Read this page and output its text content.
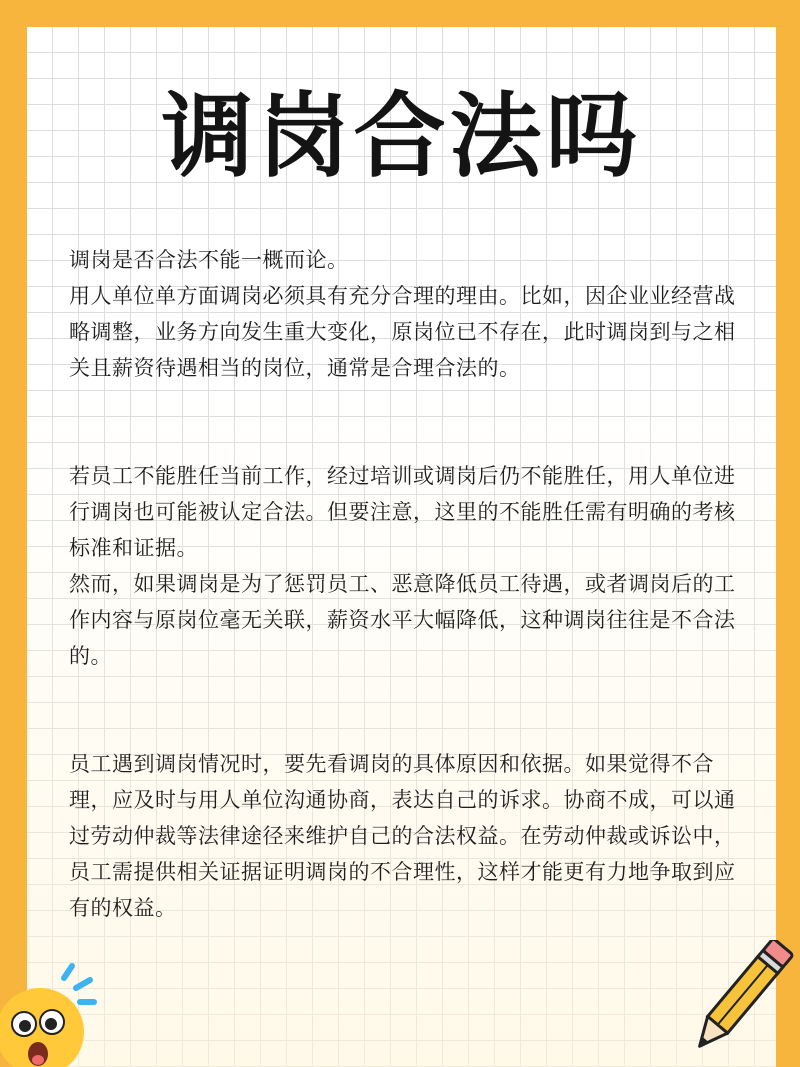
调岗合法吗

调岗是否合法不能一概而论。

用人单位单方面调岗必须具有充分合理的理由。比如，因企业业经营战略调整，业务方向发生重大变化，原岗位已不存在，此时调岗到与之相关且薪资待遇相当的岗位，通常是合理合法的。

若员工不能胜任当前工作，经过培训或调岗后仍不能胜任，用人单位进行调岗也可能被认定合法。但要注意，这里的不能胜任需有明确的考核标准和证据。

然而，如果调岗是为了惩罚员工、恶意降低员工待遇，或者调岗后的工作内容与原岗位毫无关联，薪资水平大幅降低，这种调岗往往是不合法的。

员工遇到调岗情况时，要先看调岗的具体原因和依据。如果觉得不合理，应及时与用人单位沟通协商，表达自己的诉求。协商不成，可以通过劳动仲裁等法律途径来维护自己的合法权益。在劳动仲裁或诉讼中，员工需提供相关证据证明调岗的不合理性，这样才能更有力地争取到应有的权益。
